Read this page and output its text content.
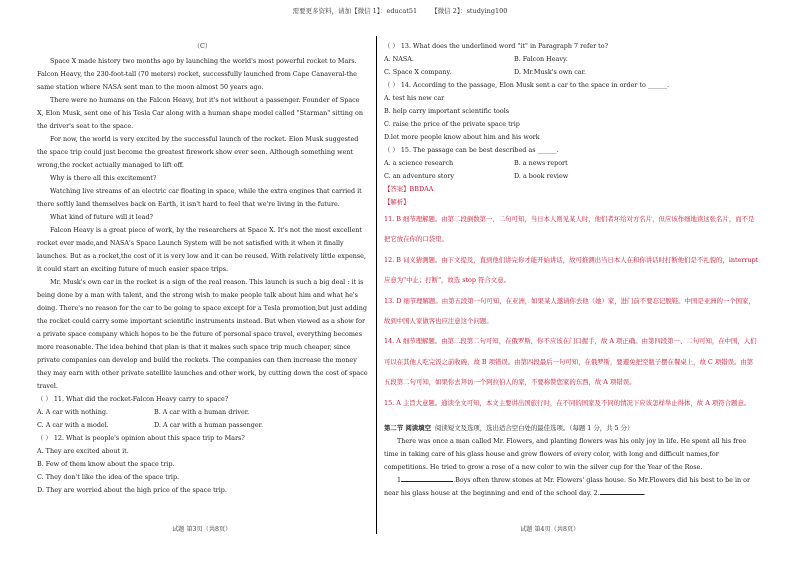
需要更多资料，请加【微信 1】：educat51 【微信 2】：studying100

（C）

Space X made history two months ago by launching the world's most powerful rocket to Mars. Falcon Heavy, the 230-foot-tall (70 meters) rocket, successfully launched from Cape Canaveral-the same station where NASA sent man to the moon almost 50 years ago.

There were no humans on the Falcon Heavy, but it's not without a passenger. Founder of Space X, Elon Musk, sent one of his Tesla Car along with a human shape model called "Starman" sitting on the driver's seat to the space.

For now, the world is very excited by the successful launch of the rocket. Elon Musk suggested the space trip could just become the greatest firework show ever seen. Although something went wrong,the rocket actually managed to lift off.

Why is there all this excitement?

Watching live streams of an electric car floating in space, while the extra engines that carried it there softly land themselves back on Earth, it isn't hard to feel that we're living in the future.

What kind of future will it lead?

Falcon Heavy is a great piece of work, by the researchers at Space X. It's not the most excellent rocket ever made,and NASA's Space Launch System will be not satisfied with it when it finally launches. But as a rocket,the cost of it is very low and it can be reused. With relatively little expense, it could start an exciting future of much easier space trips.

Mr. Musk's own car in the rocket is a sign of the real reason. This launch is such a big deal : it is being done by a man with talent, and the strong wish to make people talk about him and what he's doing. There's no reason for the car to be going to space except for a Tesla promotion,but just adding the rocket could carry some important scientific instruments instead. But when viewed as a show for a private space company which hopes to be the future of personal space travel, everything becomes more reasonable. The idea behind that plan is that it makes such space trip much cheaper, since private companies can develop and build the rockets. The companies can then increase the money they may earn with other private satellite launches and other work, by cutting down the cost of space travel.

（ ） 11. What did the rocket-Falcon Heavy carry to space?

A. A car with nothing.	B. A car with a human driver.
C. A car with a model.	D. A car with a human passenger.

（ ） 12. What is people's opinion about this space trip to Mars?

A. They are excited about it.

B. Few of them know about the space trip.

C. They don't like the idea of the space trip.

D. They are worried about the high price of the space trip.

（ ） 13. What does the underlined word "it" in Paragraph 7 refer to?

A. NASA.	B. Falcon Heavy.
C. Space X company.	D. Mr.Musk's own car.

（ ） 14. According to the passage, Elon Musk sent a car to the space in order to ______.

A. test his new car

B. help carry important scientific tools

C. raise the price of the private space trip

D.let more people know about him and his work

（ ） 15. The passage can be best described as ______.

A. a science research	B. a news report
C. an adventure story	D. a book review

【答案】BBDAA

【解析】

11. B 细节理解题。由第二段倒数第一、二句可知，当日本人则见某人时，他们者坏给对方名片，但应该作细地读这张名片，而不是把它放在你的口袋里。

12. B 词义猜测题。由下文提及，直到他们讲完你才能开始讲话，故可推测出当日本人在和你讲话时打断他们是不礼貌的，interrupt 应意为"中止；打断"，故选 stop 符合文意。

13. D 细节理解题。由第五段第一句可知，在亚洲，如果某人邀请你去他（她）家，进门前不要忘记脱鞋。中国是亚洲的一个国家，故到中国人家做客也应注意这个问题。

14. A 细节理解题。由第二段第二句可知，在俄罗斯，你不应该在门口握手，故 A 项正确。由第四段第一、二句可知，在中国，人们可以在其他人吃完饭之前收碗，故 B 项错误。由第四段最后一句可知，在俄罗斯，要避免把空瓶子摆在餐桌上，故 C 项错误。由第五段第二句可知，如果你去拜访一个阿拉伯人的家，不要称赞您家的东西，故 A 项错误。

15. A 主旨大意题。通读全文可知，本文主要讲出国旅行时，在不同的国家及不同的情况下应该怎样举止得体，故 A 项符合题意。

第二节 阅读填空 阅读短文及选项，选出适合空白处的最佳选项。（每题 1 分，共 5 分）

There was once a man called Mr. Flowers, and planting flowers was his only joy in life. He spent all his free time in taking care of his glass house and grew flowers of every color, with long and difficult names,for competitions. He tried to grow a rose of a new color to win the silver cup for the Year of the Rose.

1	.Boys often threw stones at Mr. Flowers' glass house. So Mr.Flowers did his best to be in or near his glass house at the beginning and end of the school day. 2.	.

试题 第3页（共8页）	试题 第4页（共8页）
